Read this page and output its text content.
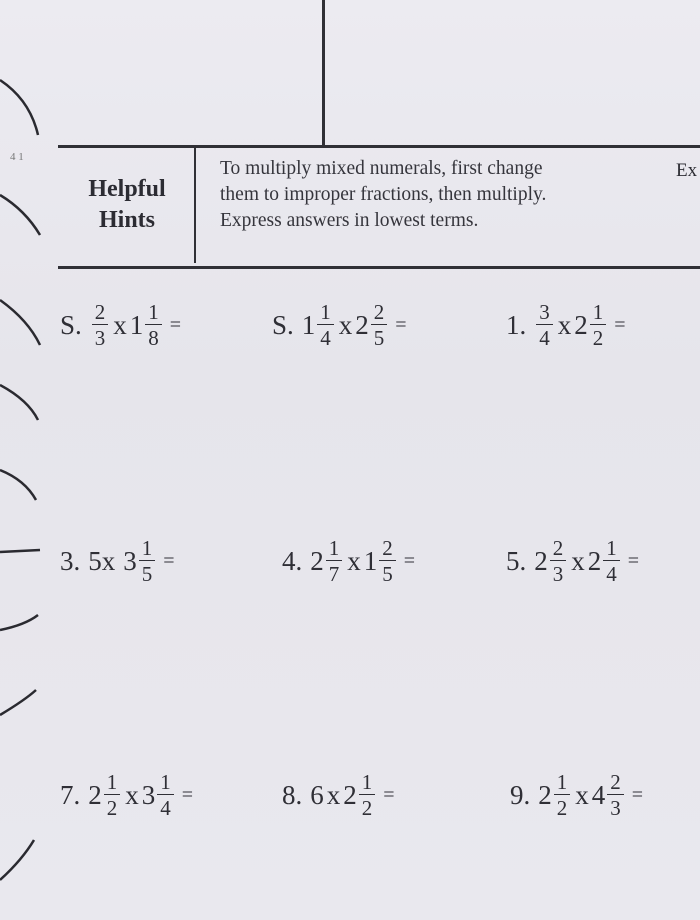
4 1
Helpful
Hints
To multiply mixed numerals, first change
them to improper fractions, then multiply.
Express answers in lowest terms.
Ex
S. $\frac{2}{3}$ x $1 \frac{1}{8}$ =	S. $1 \frac{1}{4}$ x $2 \frac{2}{5}$ =	1. $\frac{3}{4}$ x $2 \frac{1}{2}$ =
3. 5x $3 \frac{1}{5}$ =	4. $2 \frac{1}{7}$ x $1 \frac{2}{5}$ =	5. $2 \frac{2}{3}$ x $2 \frac{1}{4}$ =
7. $2 \frac{1}{2}$ x $3 \frac{1}{4}$ =	8. 6 x $2 \frac{1}{2}$ =	9. $2 \frac{1}{2}$ x $4 \frac{2}{3}$ =
